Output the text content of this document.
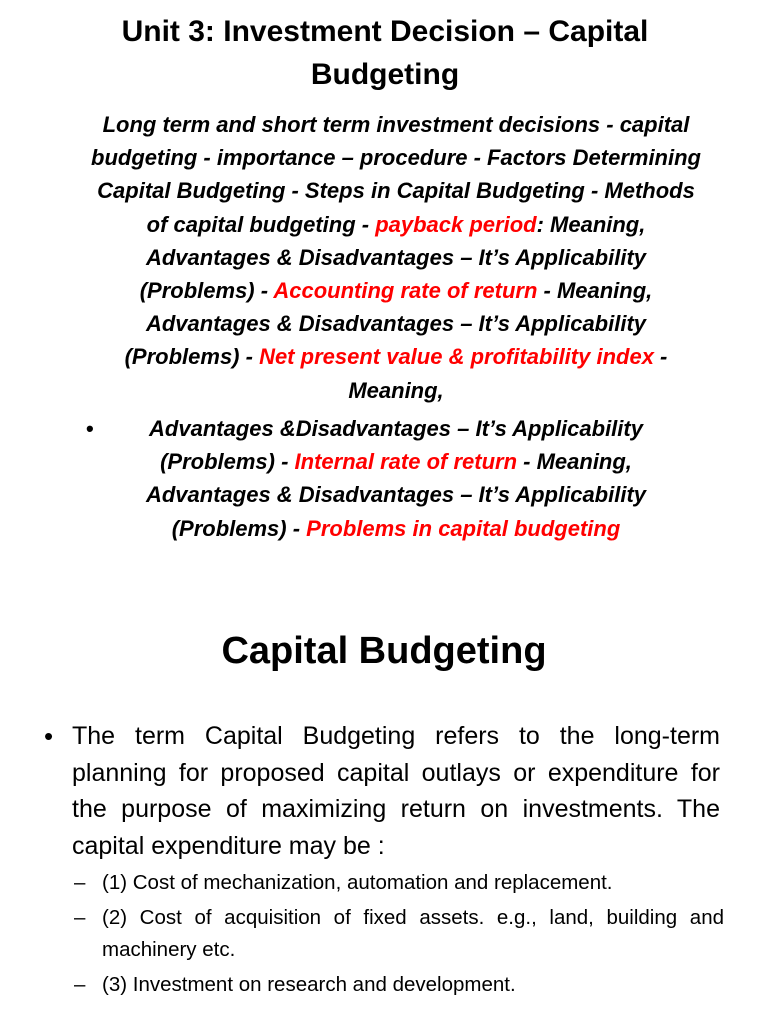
Unit 3: Investment Decision – Capital Budgeting
Long term and short term investment decisions - capital budgeting - importance – procedure - Factors Determining Capital Budgeting - Steps in Capital Budgeting - Methods of capital budgeting - payback period: Meaning, Advantages & Disadvantages – It’s Applicability (Problems) - Accounting rate of return - Meaning, Advantages & Disadvantages – It’s Applicability (Problems) - Net present value & profitability index - Meaning,
•	Advantages &Disadvantages – It’s Applicability (Problems) - Internal rate of return - Meaning, Advantages & Disadvantages – It’s Applicability (Problems) - Problems in capital budgeting
Capital Budgeting
• The term Capital Budgeting refers to the long-term planning for proposed capital outlays or expenditure for the purpose of maximizing return on investments. The capital expenditure may be :
– (1) Cost of mechanization, automation and replacement.
– (2) Cost of acquisition of fixed assets. e.g., land, building and machinery etc.
– (3) Investment on research and development.
